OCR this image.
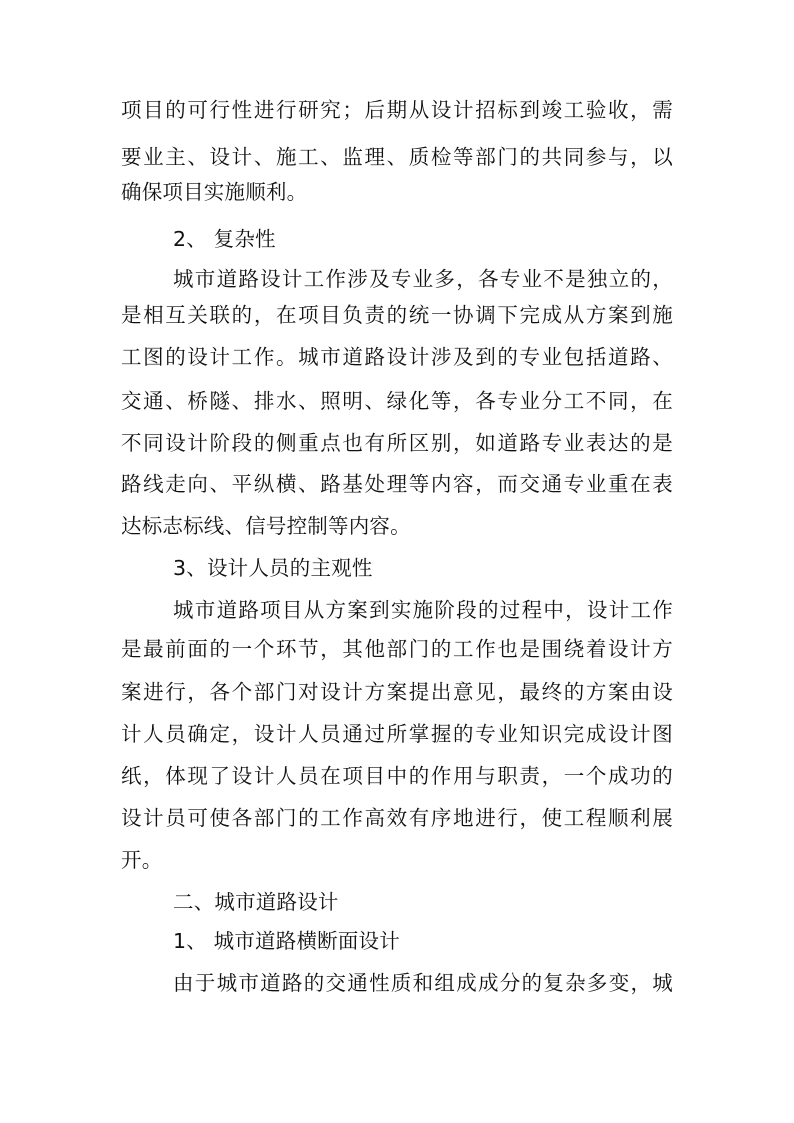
项目的可行性进行研究；后期从设计招标到竣工验收，需
要业主、设计、施工、监理、质检等部门的共同参与，以
确保项目实施顺利。
2、 复杂性
城市道路设计工作涉及专业多，各专业不是独立的，
是相互关联的，在项目负责的统一协调下完成从方案到施
工图的设计工作。城市道路设计涉及到的专业包括道路、
交通、桥隧、排水、照明、绿化等，各专业分工不同，在
不同设计阶段的侧重点也有所区别，如道路专业表达的是
路线走向、平纵横、路基处理等内容，而交通专业重在表
达标志标线、信号控制等内容。
3、设计人员的主观性
城市道路项目从方案到实施阶段的过程中，设计工作
是最前面的一个环节，其他部门的工作也是围绕着设计方
案进行，各个部门对设计方案提出意见，最终的方案由设
计人员确定，设计人员通过所掌握的专业知识完成设计图
纸，体现了设计人员在项目中的作用与职责，一个成功的
设计员可使各部门的工作高效有序地进行，使工程顺利展
开。
二、城市道路设计
1、 城市道路横断面设计
由于城市道路的交通性质和组成成分的复杂多变，城
